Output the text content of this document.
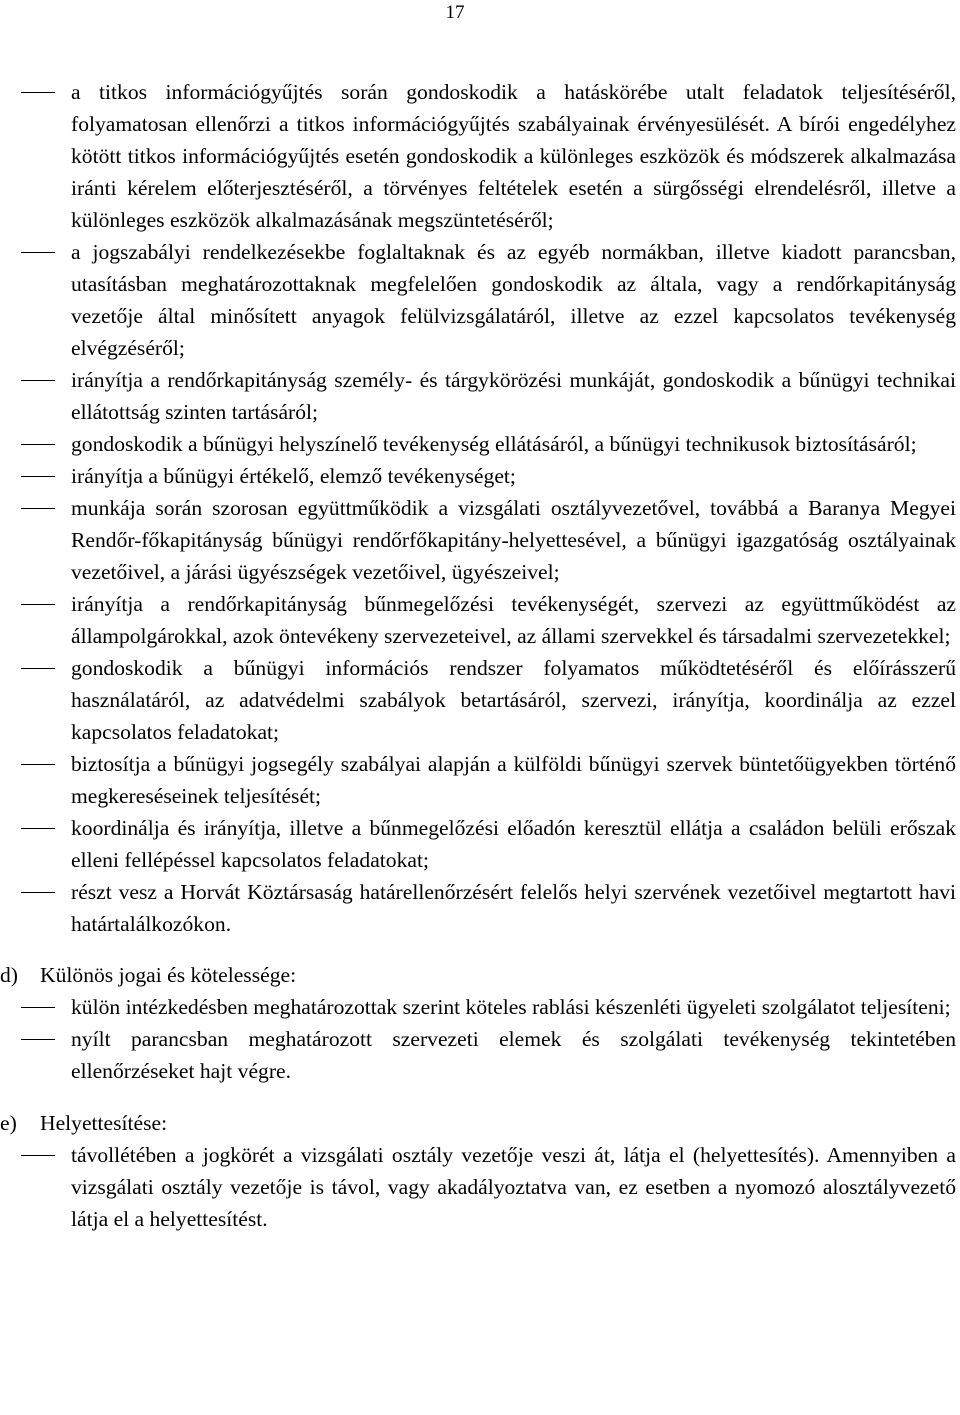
17

a titkos információgyűjtés során gondoskodik a hatáskörébe utalt feladatok teljesítéséről, folyamatosan ellenőrzi a titkos információgyűjtés szabályainak érvényesülését. A bírói engedélyhez kötött titkos információgyűjtés esetén gondoskodik a különleges eszközök és módszerek alkalmazása iránti kérelem előterjesztéséről, a törvényes feltételek esetén a sürgősségi elrendelésről, illetve a különleges eszközök alkalmazásának megszüntetéséről;

a jogszabályi rendelkezésekbe foglaltaknak és az egyéb normákban, illetve kiadott parancsban, utasításban meghatározottaknak megfelelően gondoskodik az általa, vagy a rendőrkapitányság vezetője által minősített anyagok felülvizsgálatáról, illetve az ezzel kapcsolatos tevékenység elvégzéséről;

irányítja a rendőrkapitányság személy- és tárgykörözési munkáját, gondoskodik a bűnügyi technikai ellátottság szinten tartásáról;

gondoskodik a bűnügyi helyszínelő tevékenység ellátásáról, a bűnügyi technikusok biztosításáról;

irányítja a bűnügyi értékelő, elemző tevékenységet;

munkája során szorosan együttműködik a vizsgálati osztályvezetővel, továbbá a Baranya Megyei Rendőr-főkapitányság bűnügyi rendőrfőkapitány-helyettesével, a bűnügyi igazgatóság osztályainak vezetőivel, a járási ügyészségek vezetőivel, ügyészeivel;

irányítja a rendőrkapitányság bűnmegelőzési tevékenységét, szervezi az együttműködést az állampolgárokkal, azok öntevékeny szervezeteivel, az állami szervekkel és társadalmi szervezetekkel;

gondoskodik a bűnügyi információs rendszer folyamatos működtetéséről és előírásszerű használatáról, az adatvédelmi szabályok betartásáról, szervezi, irányítja, koordinálja az ezzel kapcsolatos feladatokat;

biztosítja a bűnügyi jogsegély szabályai alapján a külföldi bűnügyi szervek büntetőügyekben történő megkereséseinek teljesítését;

koordinálja és irányítja, illetve a bűnmegelőzési előadón keresztül ellátja a családon belüli erőszak elleni fellépéssel kapcsolatos feladatokat;

részt vesz a Horvát Köztársaság határellenőrzésért felelős helyi szervének vezetőivel megtartott havi határtalálkozókon.

d) Különös jogai és kötelessége:

külön intézkedésben meghatározottak szerint köteles rablási készenléti ügyeleti szolgálatot teljesíteni;

nyílt parancsban meghatározott szervezeti elemek és szolgálati tevékenység tekintetében ellenőrzéseket hajt végre.

e) Helyettesítése:

távollétében a jogkörét a vizsgálati osztály vezetője veszi át, látja el (helyettesítés). Amennyiben a vizsgálati osztály vezetője is távol, vagy akadályoztatva van, ez esetben a nyomozó alosztályvezető látja el a helyettesítést.
